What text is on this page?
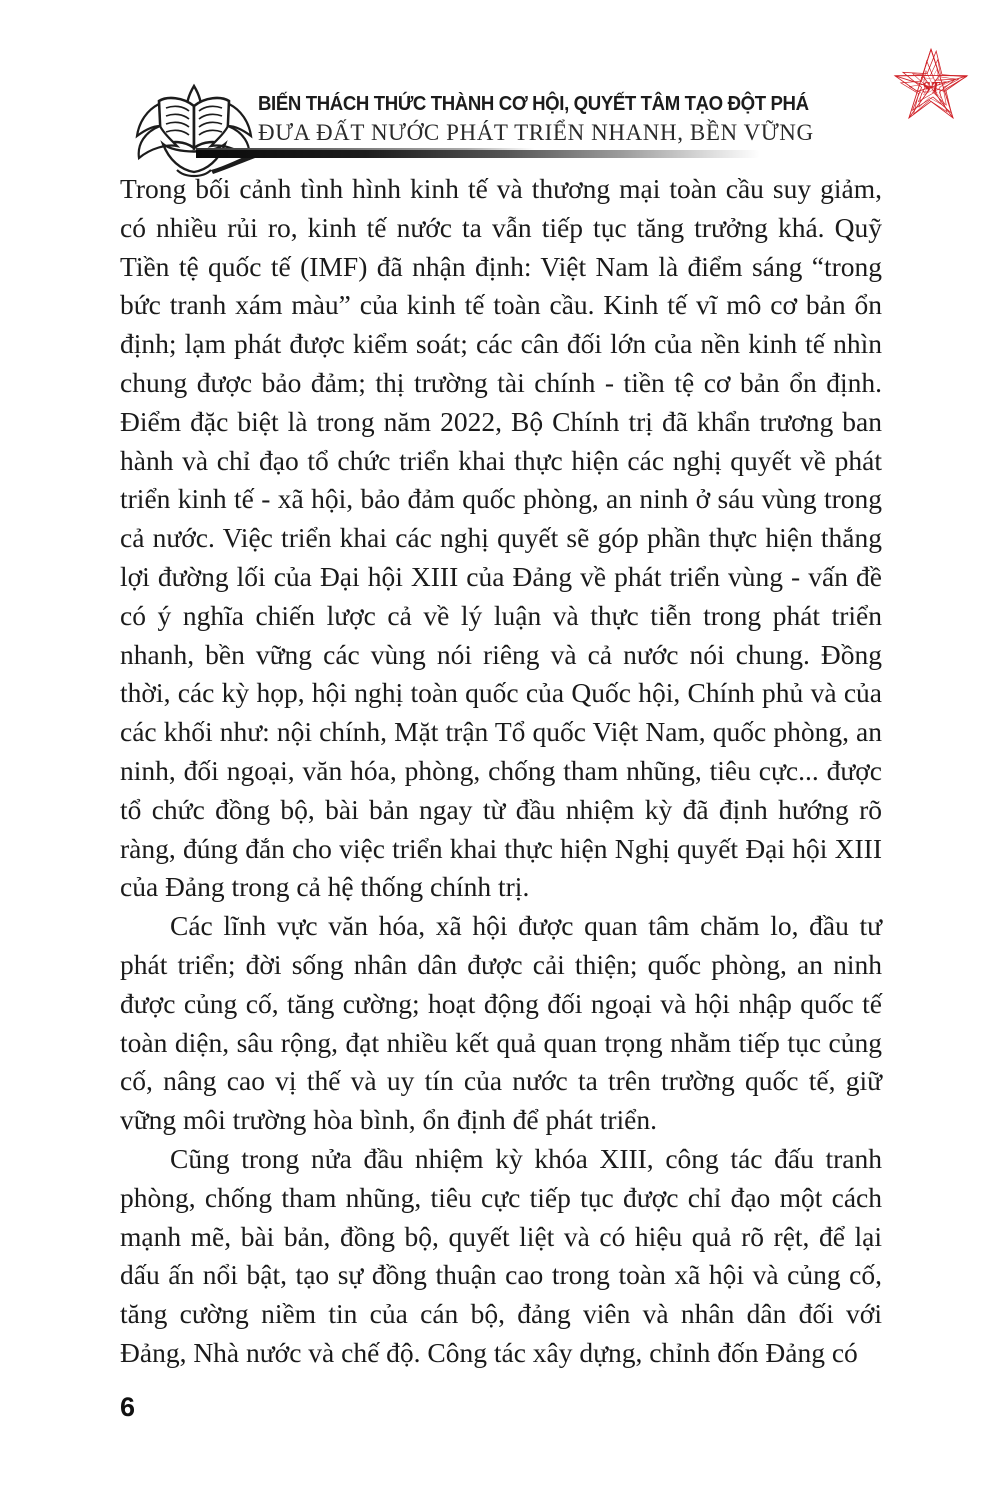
BIẾN THÁCH THỨC THÀNH CƠ HỘI, QUYẾT TÂM TẠO ĐỘT PHÁ
ĐƯA ĐẤT NƯỚC PHÁT TRIỂN NHANH, BỀN VỮNG
ST

Trong bối cảnh tình hình kinh tế và thương mại toàn cầu suy giảm, có nhiều rủi ro, kinh tế nước ta vẫn tiếp tục tăng trưởng khá. Quỹ Tiền tệ quốc tế (IMF) đã nhận định: Việt Nam là điểm sáng “trong bức tranh xám màu” của kinh tế toàn cầu. Kinh tế vĩ mô cơ bản ổn định; lạm phát được kiểm soát; các cân đối lớn của nền kinh tế nhìn chung được bảo đảm; thị trường tài chính - tiền tệ cơ bản ổn định. Điểm đặc biệt là trong năm 2022, Bộ Chính trị đã khẩn trương ban hành và chỉ đạo tổ chức triển khai thực hiện các nghị quyết về phát triển kinh tế - xã hội, bảo đảm quốc phòng, an ninh ở sáu vùng trong cả nước. Việc triển khai các nghị quyết sẽ góp phần thực hiện thắng lợi đường lối của Đại hội XIII của Đảng về phát triển vùng - vấn đề có ý nghĩa chiến lược cả về lý luận và thực tiễn trong phát triển nhanh, bền vững các vùng nói riêng và cả nước nói chung. Đồng thời, các kỳ họp, hội nghị toàn quốc của Quốc hội, Chính phủ và của các khối như: nội chính, Mặt trận Tổ quốc Việt Nam, quốc phòng, an ninh, đối ngoại, văn hóa, phòng, chống tham nhũng, tiêu cực... được tổ chức đồng bộ, bài bản ngay từ đầu nhiệm kỳ đã định hướng rõ ràng, đúng đắn cho việc triển khai thực hiện Nghị quyết Đại hội XIII của Đảng trong cả hệ thống chính trị.

Các lĩnh vực văn hóa, xã hội được quan tâm chăm lo, đầu tư phát triển; đời sống nhân dân được cải thiện; quốc phòng, an ninh được củng cố, tăng cường; hoạt động đối ngoại và hội nhập quốc tế toàn diện, sâu rộng, đạt nhiều kết quả quan trọng nhằm tiếp tục củng cố, nâng cao vị thế và uy tín của nước ta trên trường quốc tế, giữ vững môi trường hòa bình, ổn định để phát triển.

Cũng trong nửa đầu nhiệm kỳ khóa XIII, công tác đấu tranh phòng, chống tham nhũng, tiêu cực tiếp tục được chỉ đạo một cách mạnh mẽ, bài bản, đồng bộ, quyết liệt và có hiệu quả rõ rệt, để lại dấu ấn nổi bật, tạo sự đồng thuận cao trong toàn xã hội và củng cố, tăng cường niềm tin của cán bộ, đảng viên và nhân dân đối với Đảng, Nhà nước và chế độ. Công tác xây dựng, chỉnh đốn Đảng có

6
